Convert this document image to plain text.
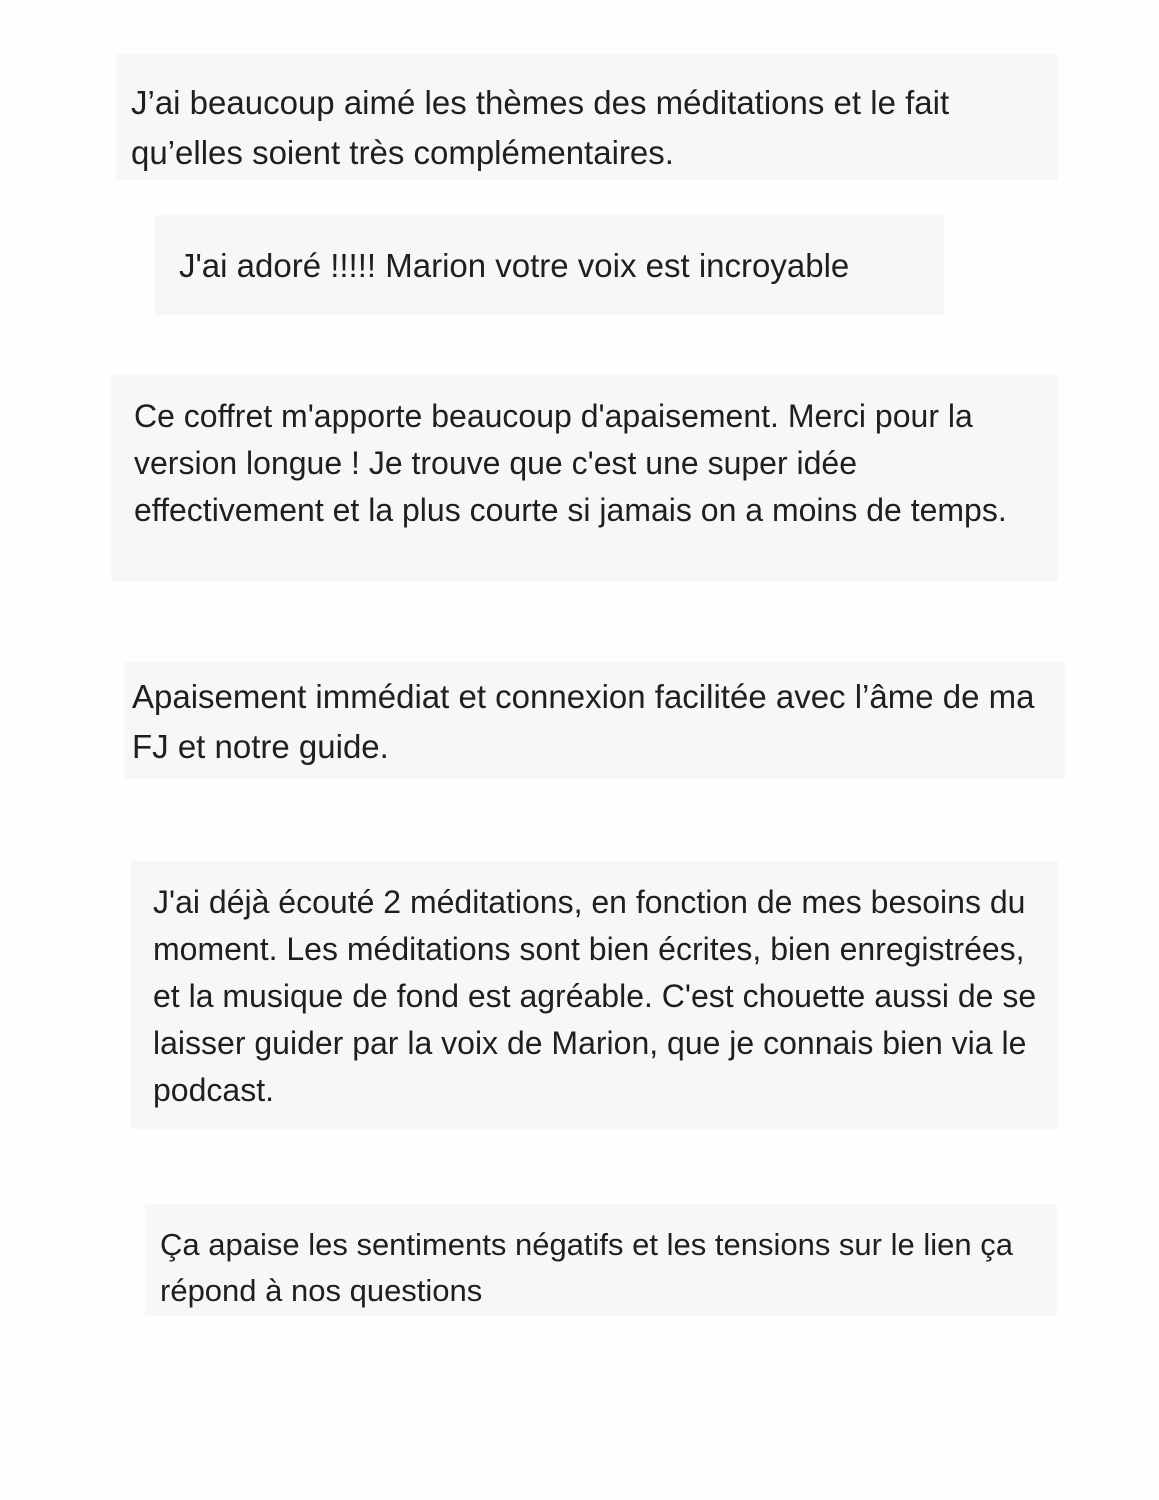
J’ai beaucoup aimé les thèmes des méditations et le fait qu’elles soient très complémentaires.

J'ai adoré !!!!! Marion votre voix est incroyable

Ce coffret m'apporte beaucoup d'apaisement. Merci pour la version longue ! Je trouve que c'est une super idée effectivement et la plus courte si jamais on a moins de temps.

Apaisement immédiat et connexion facilitée avec l’âme de ma FJ et notre guide.

J'ai déjà écouté 2 méditations, en fonction de mes besoins du moment. Les méditations sont bien écrites, bien enregistrées, et la musique de fond est agréable. C'est chouette aussi de se laisser guider par la voix de Marion, que je connais bien via le podcast.

Ça apaise les sentiments négatifs et les tensions sur le lien ça répond à nos questions
